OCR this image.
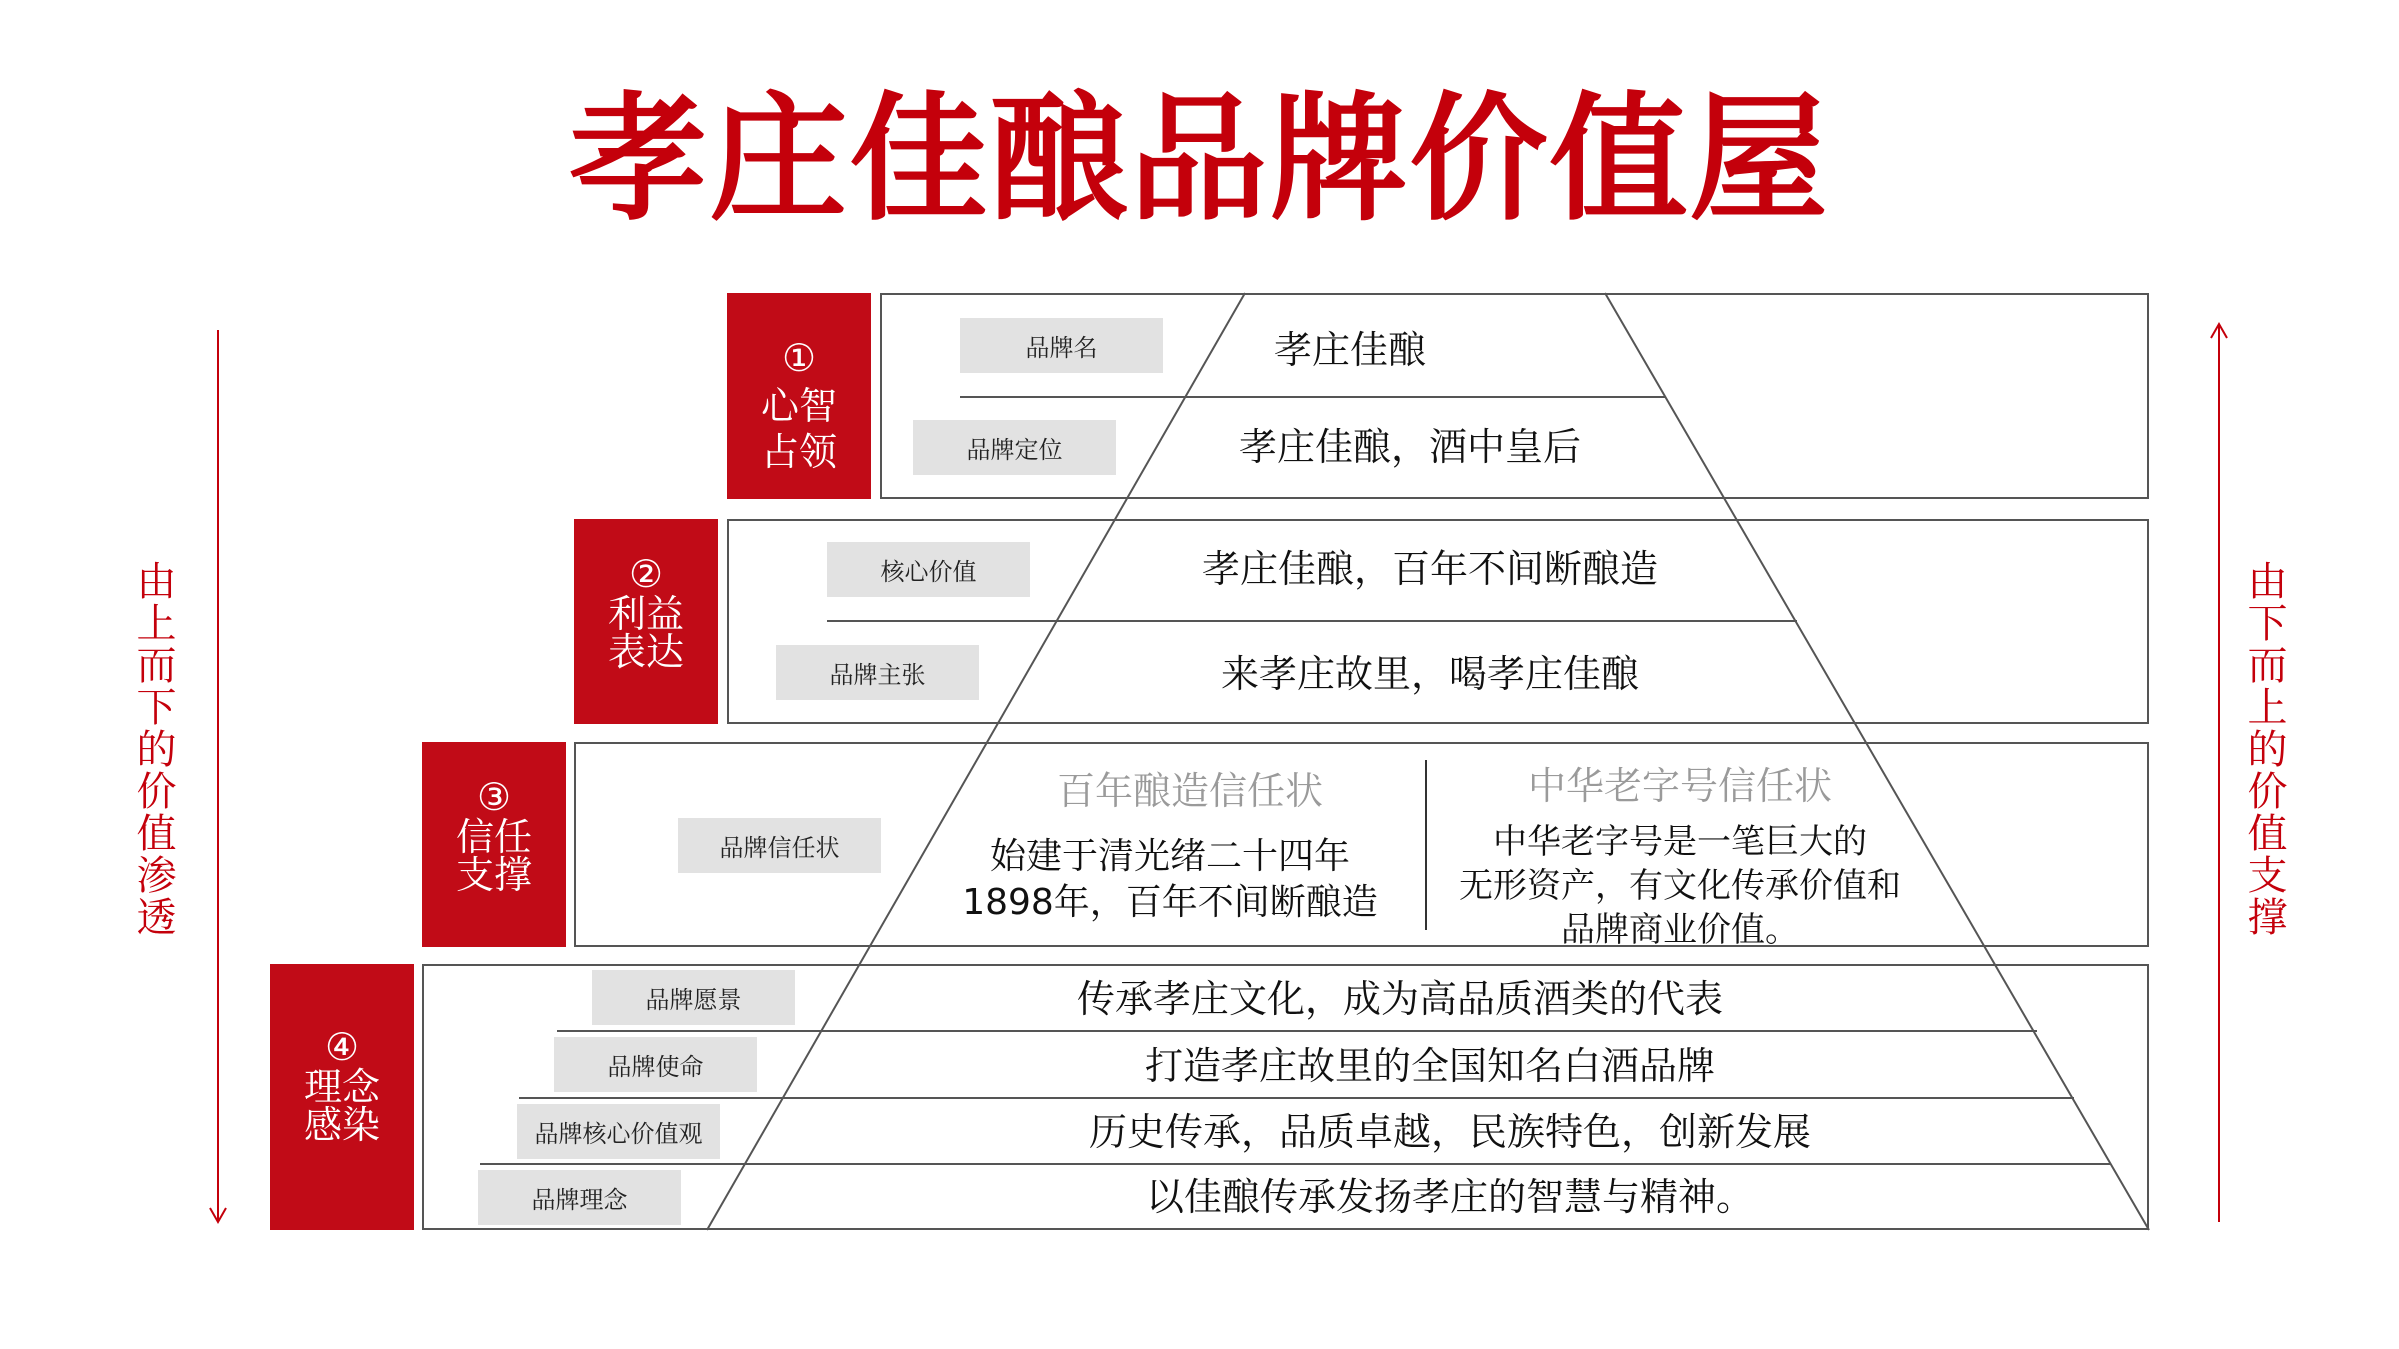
孝庄佳酿品牌价值屋
由上而下的价值渗透	由下而上的价值支撑
①
心智
占领
②
利益
表达
③
信任
支撑
④
理念
感染
品牌名	孝庄佳酿
品牌定位	孝庄佳酿，酒中皇后
核心价值	孝庄佳酿，百年不间断酿造
品牌主张	来孝庄故里，喝孝庄佳酿
品牌信任状
百年酿造信任状
始建于清光绪二十四年
1898年，百年不间断酿造
中华老字号信任状
中华老字号是一笔巨大的
无形资产，有文化传承价值和
品牌商业价值。
品牌愿景	传承孝庄文化，成为高品质酒类的代表
品牌使命	打造孝庄故里的全国知名白酒品牌
品牌核心价值观	历史传承，品质卓越，民族特色，创新发展
品牌理念	以佳酿传承发扬孝庄的智慧与精神。
